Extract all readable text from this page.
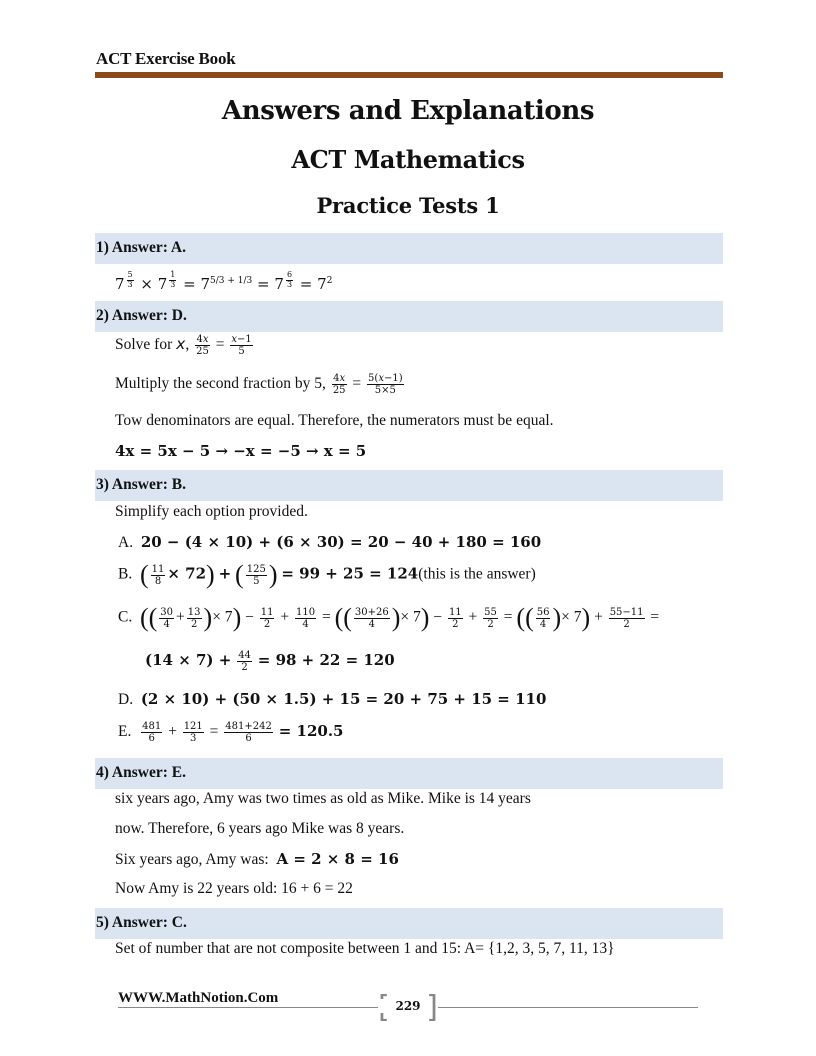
ACT Exercise Book
Answers and Explanations
ACT Mathematics
Practice Tests 1
1) Answer: A.
7 $^{\frac{5}{3}}$ × 7 $^{\frac{1}{3}} = 7^{5/3 + 1/3} = 7$ $^{\frac{6}{3}} = 7^2$
2) Answer: D.
Solve for x, $\frac{4x}{25} = \frac{x-1}{5}$
Multiply the second fraction by 5, $\frac{4x}{25} = \frac{5(x-1)}{5\times 5}$
Tow denominators are equal. Therefore, the numerators must be equal.
4x = 5x − 5 → −x = −5 → x = 5
3) Answer: B.
Simplify each option provided.
A. 20 − (4 × 10) + (6 × 30) = 20 − 40 + 180 = 160
B. ( $\frac{11}{8} \times 72$) + ( $\frac{125}{5}$ ) = 99 + 25 = 124(this is the answer)
C. (( $\frac{30}{4} + \frac{13}{2}$ )× $7) - \frac{11}{2} + \frac{110}{4}$ = (( $\frac{30+26}{4}$ )× $7) - \frac{11}{2} + \frac{55}{2}$ = (( $\frac{56}{4}$ )× $7) + \frac{55-11}{2}$ =
$(14 \times 7) + \frac{44}{2} = 98 + 22 = 120$
D. (2 × 10) + (50 × 1.5) + 15 = 20 + 75 + 15 = 110
E. $\frac{481}{6} + \frac{121}{3} = \frac{481+242}{6} = 120.5$
4) Answer: E.
six years ago, Amy was two times as old as Mike. Mike is 14 years
now. Therefore, 6 years ago Mike was 8 years.
Six years ago, Amy was: A = 2 × 8 = 16
Now Amy is 22 years old: 16 + 6 = 22
5) Answer: C.
Set of number that are not composite between 1 and 15: A= {1,2, 3, 5, 7, 11, 13}
WWW.MathNotion.Com	229 ]
